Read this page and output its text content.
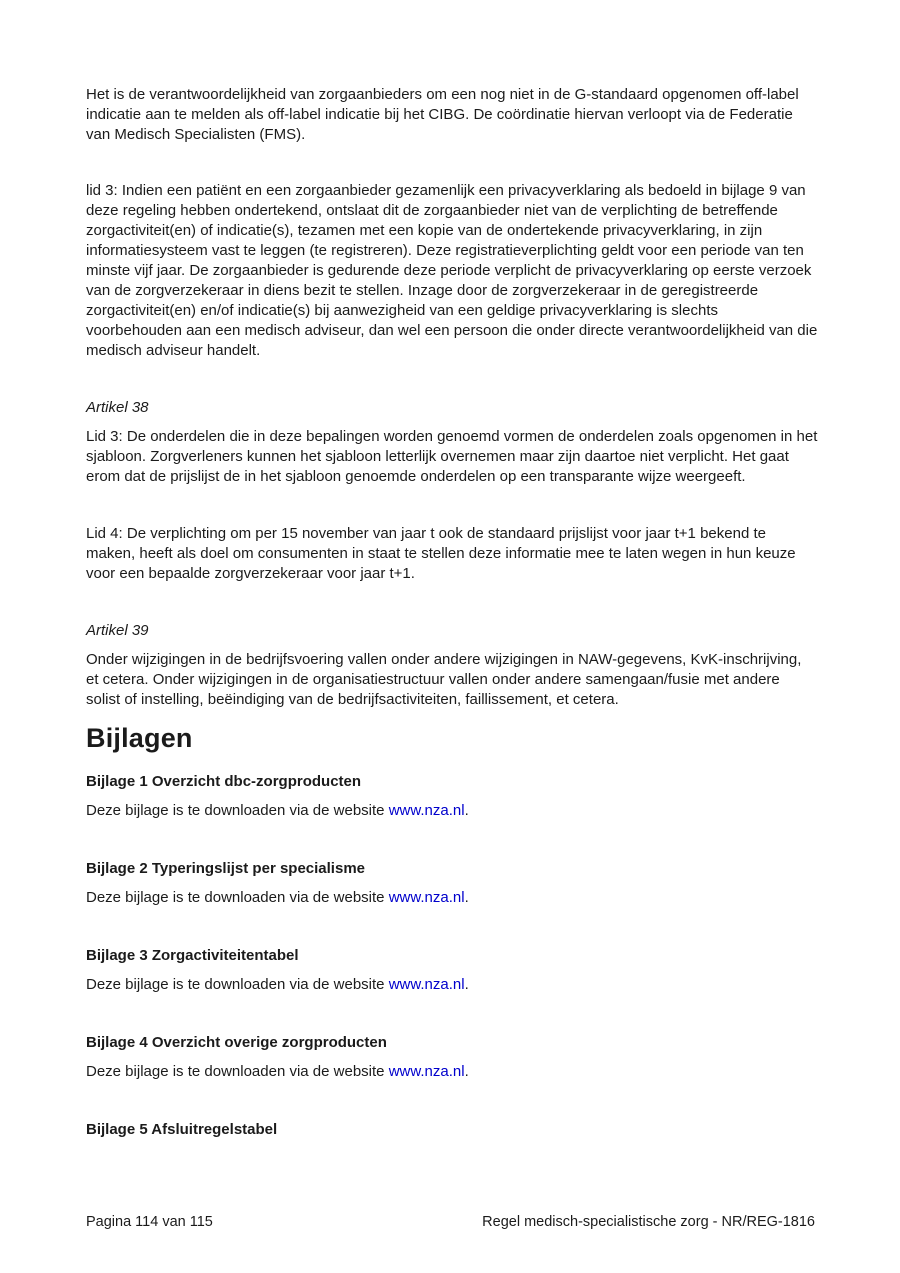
Het is de verantwoordelijkheid van zorgaanbieders om een nog niet in de G-standaard opgenomen off-label indicatie aan te melden als off-label indicatie bij het CIBG. De coördinatie hiervan verloopt via de Federatie van Medisch Specialisten (FMS).

lid 3: Indien een patiënt en een zorgaanbieder gezamenlijk een privacyverklaring als bedoeld in bijlage 9 van deze regeling hebben ondertekend, ontslaat dit de zorgaanbieder niet van de verplichting de betreffende zorgactiviteit(en) of indicatie(s), tezamen met een kopie van de ondertekende privacyverklaring, in zijn informatiesysteem vast te leggen (te registreren). Deze registratieverplichting geldt voor een periode van ten minste vijf jaar. De zorgaanbieder is gedurende deze periode verplicht de privacyverklaring op eerste verzoek van de zorgverzekeraar in diens bezit te stellen. Inzage door de zorgverzekeraar in de geregistreerde zorgactiviteit(en) en/of indicatie(s) bij aanwezigheid van een geldige privacyverklaring is slechts voorbehouden aan een medisch adviseur, dan wel een persoon die onder directe verantwoordelijkheid van die medisch adviseur handelt.

Artikel 38

Lid 3: De onderdelen die in deze bepalingen worden genoemd vormen de onderdelen zoals opgenomen in het sjabloon. Zorgverleners kunnen het sjabloon letterlijk overnemen maar zijn daartoe niet verplicht. Het gaat erom dat de prijslijst de in het sjabloon genoemde onderdelen op een transparante wijze weergeeft.

Lid 4: De verplichting om per 15 november van jaar t ook de standaard prijslijst voor jaar t+1 bekend te maken, heeft als doel om consumenten in staat te stellen deze informatie mee te laten wegen in hun keuze voor een bepaalde zorgverzekeraar voor jaar t+1.

Artikel 39

Onder wijzigingen in de bedrijfsvoering vallen onder andere wijzigingen in NAW-gegevens, KvK-inschrijving, et cetera. Onder wijzigingen in de organisatiestructuur vallen onder andere samengaan/fusie met andere solist of instelling, beëindiging van de bedrijfsactiviteiten, faillissement, et cetera.

Bijlagen
Bijlage 1 Overzicht dbc-zorgproducten

Deze bijlage is te downloaden via de website www.nza.nl.

Bijlage 2 Typeringslijst per specialisme

Deze bijlage is te downloaden via de website www.nza.nl.

Bijlage 3 Zorgactiviteitentabel

Deze bijlage is te downloaden via de website www.nza.nl.

Bijlage 4 Overzicht overige zorgproducten

Deze bijlage is te downloaden via de website www.nza.nl.

Bijlage 5 Afsluitregelstabel
Pagina 114 van 115	Regel medisch-specialistische zorg - NR/REG-1816
